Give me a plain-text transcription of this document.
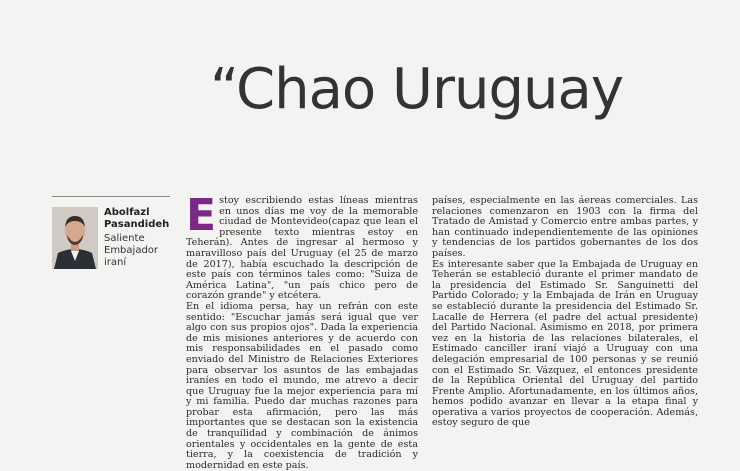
“Chao Uruguay
Abolfazl Pasandideh
Saliente Embajador iraní

Estoy escribiendo estas líneas mientras en unos días me voy de la memorable ciudad de Montevideo(capaz que lean el presente texto mientras estoy en Teherán). Antes de ingresar al hermoso y maravilloso país del Uruguay (el 25 de marzo de 2017), había escuchado la descripción de este país con términos tales como: "Suiza de América Latina", "un país chico pero de corazón grande" y etcétera.

En el idioma persa, hay un refrán con este sentido: "Escuchar jamás será igual que ver algo con sus propios ojos". Dada la experiencia de mis misiones anteriores y de acuerdo con mis responsabilidades en el pasado como enviado del Ministro de Relaciones Exteriores para observar los asuntos de las embajadas iraníes en todo el mundo, me atrevo a decir que Uruguay fue la mejor experiencia para mí y mi familia. Puedo dar muchas razones para probar esta afirmación, pero las más importantes que se destacan son la existencia de tranquilidad y combinación de ánimos orientales y occidentales en la gente de esta tierra, y la coexistencia de tradición y modernidad en este país.

países, especialmente en las áereas comerciales. Las relaciones comenzaron en 1903 con la firma del Tratado de Amistad y Comercio entre ambas partes, y han continuado independientemente de las opiniones y tendencias de los partidos gobernantes de los dos países.

Es interesante saber que la Embajada de Uruguay en Teherán se estableció durante el primer mandato de la presidencia del Estimado Sr. Sanguinetti del Partido Colorado; y la Embajada de Irán en Uruguay se estableció durante la presidencia del Estimado Sr. Lacalle de Herrera (el padre del actual presidente) del Partido Nacional. Asimismo en 2018, por primera vez en la historia de las relaciones bilaterales, el Estimado canciller iraní viajó a Uruguay con una delegación empresarial de 100 personas y se reunió con el Estimado Sr. Vázquez, el entonces presidente de la República Oriental del Uruguay del partido Frente Amplio. Afortunadamente, en los últimos años, hemos podido avanzar en llevar a la etapa final y operativa a varios proyectos de cooperación. Además, estoy seguro de que
